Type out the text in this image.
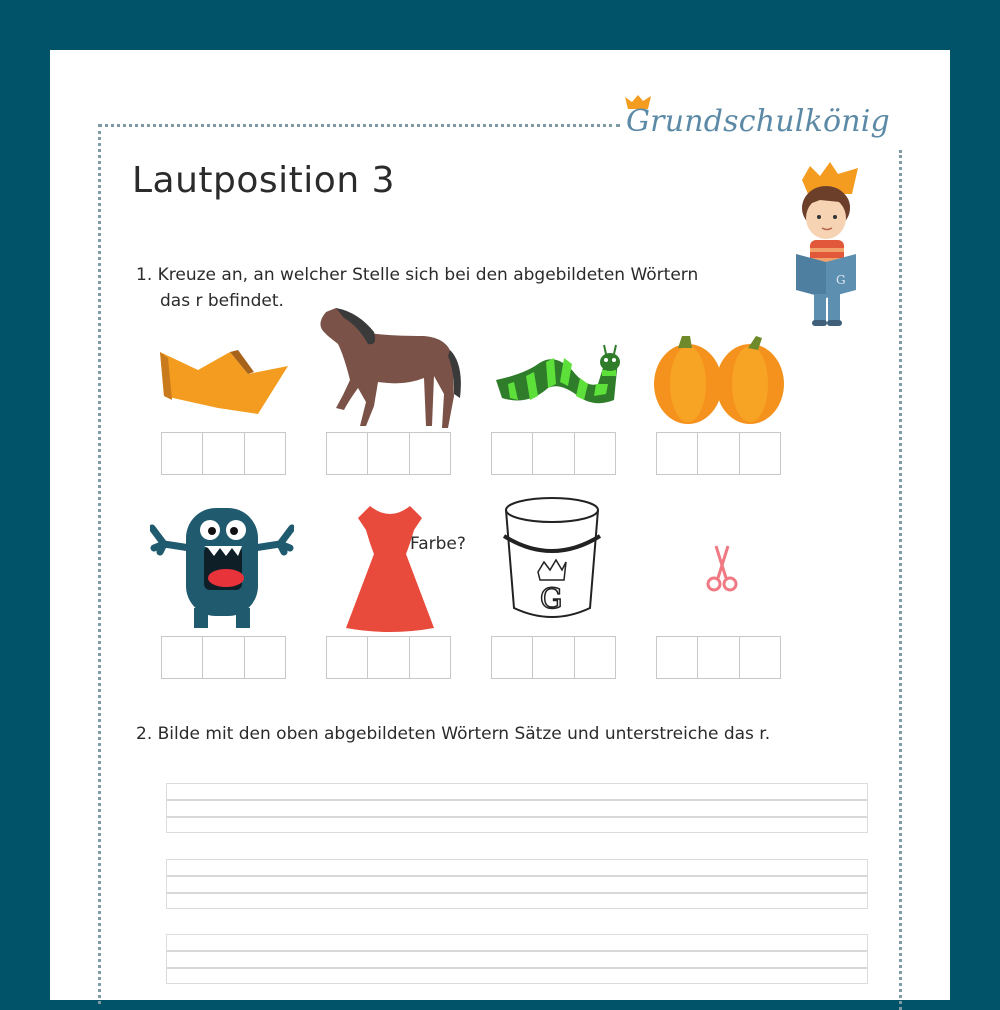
Grundschulkönig
Lautposition 3
G
1. Kreuze an, an welcher Stelle sich bei den abgebildeten Wörtern
das r befindet.
Farbe?
G
2. Bilde mit den oben abgebildeten Wörtern Sätze und unterstreiche das r.
